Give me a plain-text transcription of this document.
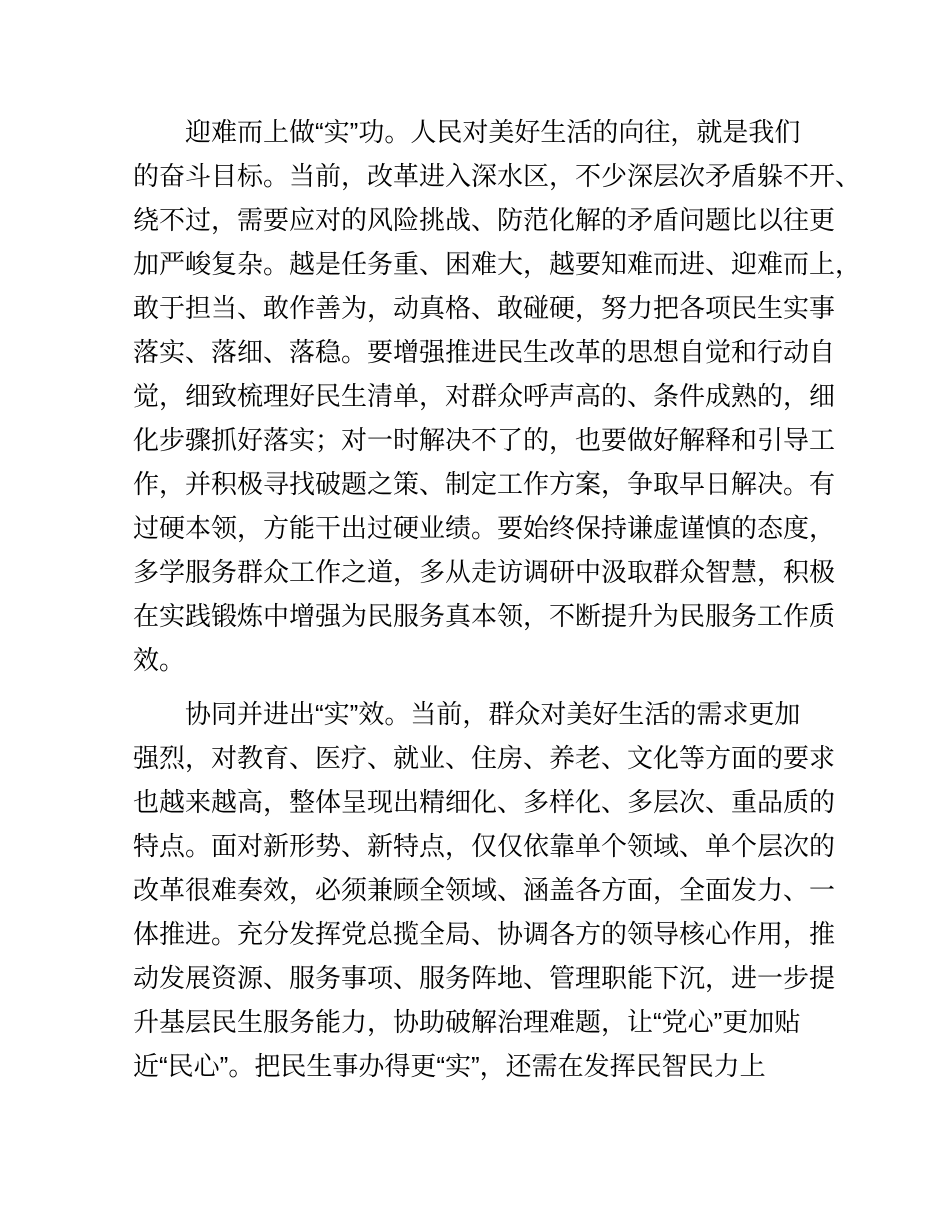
迎难而上做“实”功。人民对美好生活的向往，就是我们
的奋斗目标。当前，改革进入深水区，不少深层次矛盾躲不开、
绕不过，需要应对的风险挑战、防范化解的矛盾问题比以往更
加严峻复杂。越是任务重、困难大，越要知难而进、迎难而上，
敢于担当、敢作善为，动真格、敢碰硬，努力把各项民生实事
落实、落细、落稳。要增强推进民生改革的思想自觉和行动自
觉，细致梳理好民生清单，对群众呼声高的、条件成熟的，细
化步骤抓好落实；对一时解决不了的，也要做好解释和引导工
作，并积极寻找破题之策、制定工作方案，争取早日解决。有
过硬本领，方能干出过硬业绩。要始终保持谦虚谨慎的态度，
多学服务群众工作之道，多从走访调研中汲取群众智慧，积极
在实践锻炼中增强为民服务真本领，不断提升为民服务工作质
效。
协同并进出“实”效。当前，群众对美好生活的需求更加
强烈，对教育、医疗、就业、住房、养老、文化等方面的要求
也越来越高，整体呈现出精细化、多样化、多层次、重品质的
特点。面对新形势、新特点，仅仅依靠单个领域、单个层次的
改革很难奏效，必须兼顾全领域、涵盖各方面，全面发力、一
体推进。充分发挥党总揽全局、协调各方的领导核心作用，推
动发展资源、服务事项、服务阵地、管理职能下沉，进一步提
升基层民生服务能力，协助破解治理难题，让“党心”更加贴
近“民心”。把民生事办得更“实”，还需在发挥民智民力上
